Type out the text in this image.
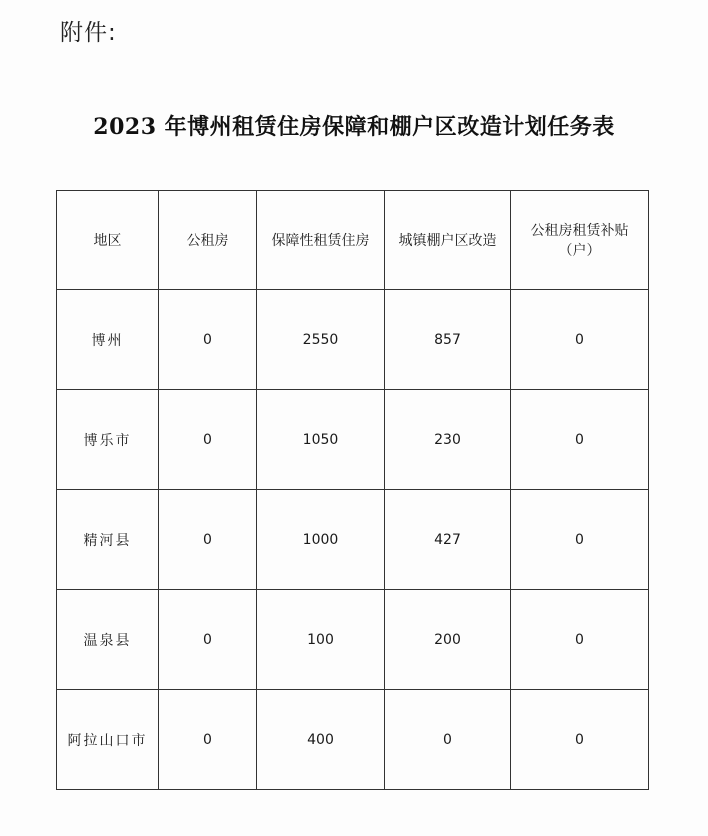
附件:
2023 年博州租赁住房保障和棚户区改造计划任务表
地区	公租房	保障性租赁住房	城镇棚户区改造	公租房租赁补贴（户）
博州	0	2550	857	0
博乐市	0	1050	230	0
精河县	0	1000	427	0
温泉县	0	100	200	0
阿拉山口市	0	400	0	0
